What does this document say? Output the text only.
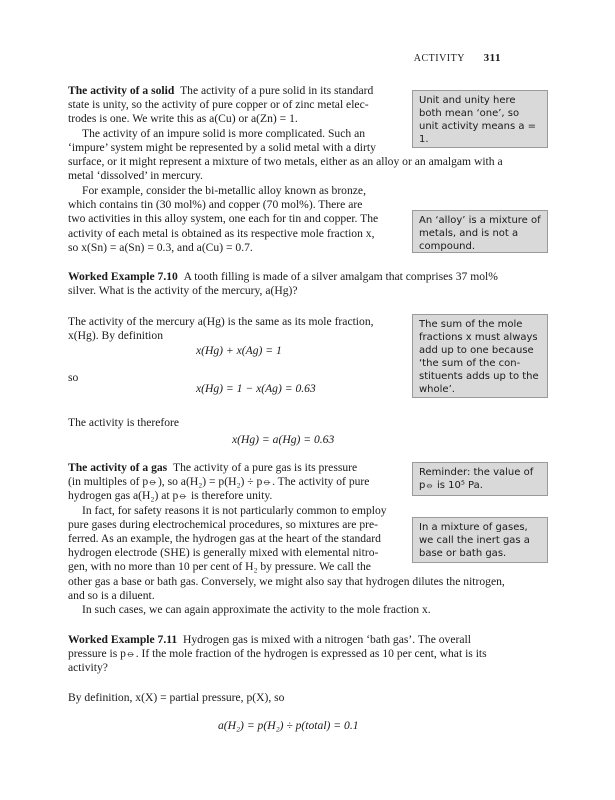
ACTIVITY 311

The activity of a solid The activity of a pure solid in its standard

state is unity, so the activity of pure copper or of zinc metal elec-

trodes is one. We write this as a(Cu) or a(Zn) = 1.

The activity of an impure solid is more complicated. Such an

‘impure’ system might be represented by a solid metal with a dirty

surface, or it might represent a mixture of two metals, either as an alloy or an amalgam with a metal ‘dissolved’ in mercury.

For example, consider the bi-metallic alloy known as bronze,

which contains tin (30 mol%) and copper (70 mol%). There are

two activities in this alloy system, one each for tin and copper. The

activity of each metal is obtained as its respective mole fraction x,

so x(Sn) = a(Sn) = 0.3, and a(Cu) = 0.7.

Worked Example 7.10 A tooth filling is made of a silver amalgam that comprises 37 mol% silver. What is the activity of the mercury, a(Hg)?

The activity of the mercury a(Hg) is the same as its mole fraction,

x(Hg). By definition

x(Hg) + x(Ag) = 1
so
x(Hg) = 1 − x(Ag) = 0.63
The activity is therefore
x(Hg) = a(Hg) = 0.63

The activity of a gas The activity of a pure gas is its pressure

(in multiples of p⦵), so a(H₂) = p(H₂) ÷ p⦵. The activity of pure

hydrogen gas a(H₂) at p⦵ is therefore unity.

In fact, for safety reasons it is not particularly common to employ

pure gases during electrochemical procedures, so mixtures are pre-

ferred. As an example, the hydrogen gas at the heart of the standard

hydrogen electrode (SHE) is generally mixed with elemental nitro-

gen, with no more than 10 per cent of H₂ by pressure. We call the

other gas a base or bath gas. Conversely, we might also say that hydrogen dilutes the nitrogen, and so is a diluent.
In such cases, we can again approximate the activity to the mole fraction x.

Worked Example 7.11 Hydrogen gas is mixed with a nitrogen ‘bath gas’. The overall pressure is p⦵. If the mole fraction of the hydrogen is expressed as 10 per cent, what is its activity?

By definition, x(X) = partial pressure, p(X), so
a(H₂) = p(H₂) ÷ p(total) = 0.1
Unit and unity here both mean ‘one’, so unit activity means a = 1.
An ‘alloy’ is a mixture of metals, and is not a compound.
The sum of the mole fractions x must always add up to one because ‘the sum of the con- stituents adds up to the whole’.
Reminder: the value of p⦵ is 10⁵ Pa.
In a mixture of gases, we call the inert gas a base or bath gas.
